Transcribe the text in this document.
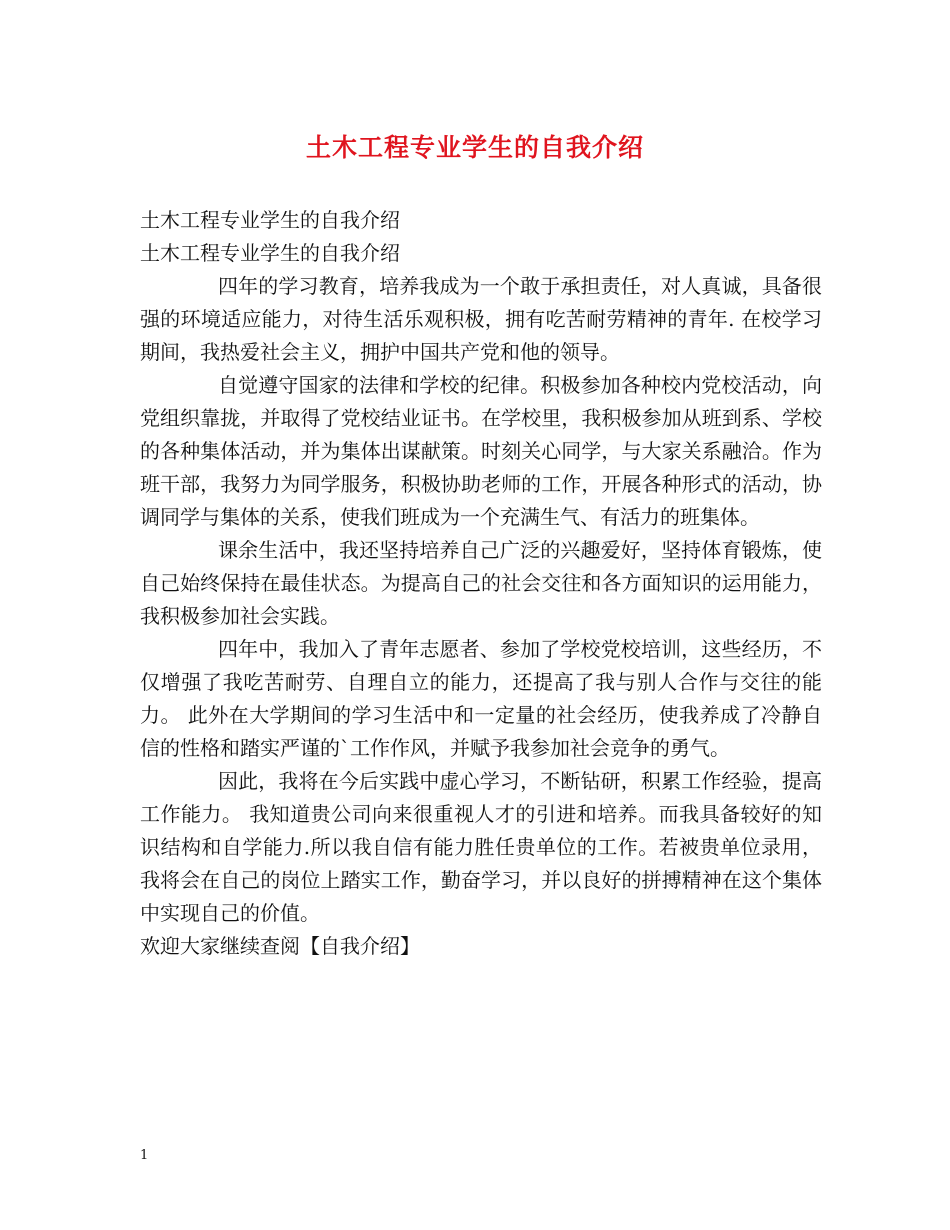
土木工程专业学生的自我介绍

土木工程专业学生的自我介绍

土木工程专业学生的自我介绍

四年的学习教育，培养我成为一个敢于承担责任，对人真诚，具备很强的环境适应能力，对待生活乐观积极，拥有吃苦耐劳精神的青年. 在校学习期间，我热爱社会主义，拥护中国共产党和他的领导。

自觉遵守国家的法律和学校的纪律。积极参加各种校内党校活动，向党组织靠拢，并取得了党校结业证书。在学校里，我积极参加从班到系、学校的各种集体活动，并为集体出谋献策。时刻关心同学，与大家关系融洽。作为班干部，我努力为同学服务，积极协助老师的工作，开展各种形式的活动，协调同学与集体的关系，使我们班成为一个充满生气、有活力的班集体。

课余生活中，我还坚持培养自己广泛的兴趣爱好，坚持体育锻炼，使自己始终保持在最佳状态。为提高自己的社会交往和各方面知识的运用能力，我积极参加社会实践。

四年中，我加入了青年志愿者、参加了学校党校培训，这些经历，不仅增强了我吃苦耐劳、自理自立的能力，还提高了我与别人合作与交往的能力。 此外在大学期间的学习生活中和一定量的社会经历，使我养成了冷静自信的性格和踏实严谨的`工作作风，并赋予我参加社会竞争的勇气。

因此，我将在今后实践中虚心学习，不断钻研，积累工作经验，提高工作能力。 我知道贵公司向来很重视人才的引进和培养。而我具备较好的知识结构和自学能力.所以我自信有能力胜任贵单位的工作。若被贵单位录用，我将会在自己的岗位上踏实工作，勤奋学习，并以良好的拼搏精神在这个集体中实现自己的价值。

欢迎大家继续查阅【自我介绍】

1
